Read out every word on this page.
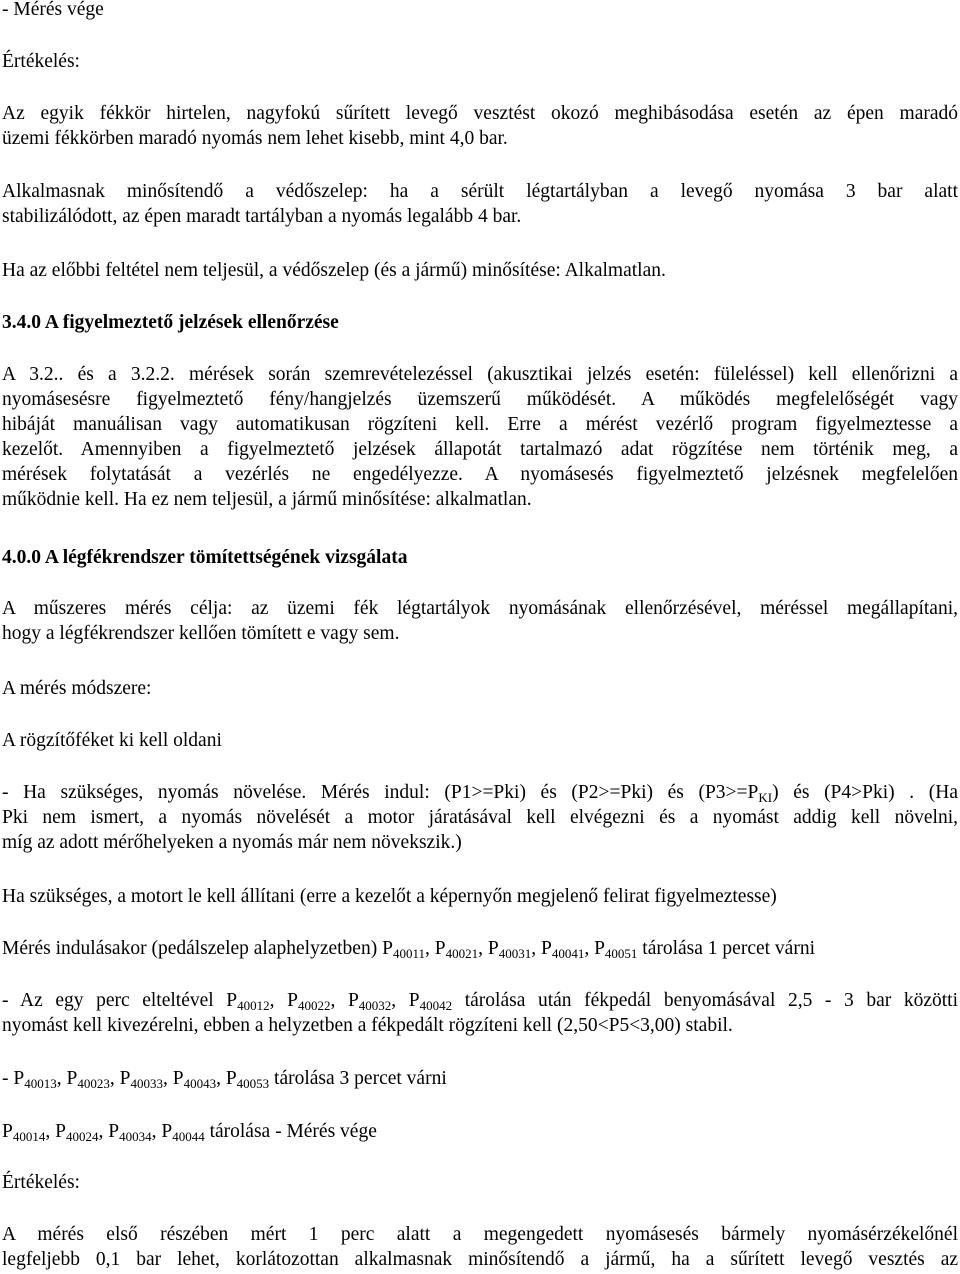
- Mérés vége

Értékelés:

Az egyik fékkör hirtelen, nagyfokú sűrített levegő vesztést okozó meghibásodása esetén az épen maradó
üzemi fékkörben maradó nyomás nem lehet kisebb, mint 4,0 bar.
Alkalmasnak minősítendő a védőszelep: ha a sérült légtartályban a levegő nyomása 3 bar alatt
stabilizálódott, az épen maradt tartályban a nyomás legalább 4 bar.

Ha az előbbi feltétel nem teljesül, a védőszelep (és a jármű) minősítése: Alkalmatlan.

3.4.0 A figyelmeztető jelzések ellenőrzése

A 3.2.. és a 3.2.2. mérések során szemrevételezéssel (akusztikai jelzés esetén: füleléssel) kell ellenőrizni a
nyomásesésre figyelmeztető fény/hangjelzés üzemszerű működését. A működés megfelelőségét vagy
hibáját manuálisan vagy automatikusan rögzíteni kell. Erre a mérést vezérlő program figyelmeztesse a
kezelőt. Amennyiben a figyelmeztető jelzések állapotát tartalmazó adat rögzítése nem történik meg, a
mérések folytatását a vezérlés ne engedélyezze. A nyomásesés figyelmeztető jelzésnek megfelelően
működnie kell. Ha ez nem teljesül, a jármű minősítése: alkalmatlan.

4.0.0 A légfékrendszer tömítettségének vizsgálata

A műszeres mérés célja: az üzemi fék légtartályok nyomásának ellenőrzésével, méréssel megállapítani,
hogy a légfékrendszer kellően tömített e vagy sem.

A mérés módszere:

A rögzítőféket ki kell oldani

- Ha szükséges, nyomás növelése. Mérés indul: (P1>=Pki) és (P2>=Pki) és $(P3>=P_{KI})$ és (P4>Pki) . (Ha
Pki nem ismert, a nyomás növelését a motor járatásával kell elvégezni és a nyomást addig kell növelni,
míg az adott mérőhelyeken a nyomás már nem növekszik.)

Ha szükséges, a motort le kell állítani (erre a kezelőt a képernyőn megjelenő felirat figyelmeztesse)

Mérés indulásakor (pedálszelep alaphelyzetben) $P_{40011}$, $P_{40021}$, $P_{40031}$, $P_{40041}$, $P_{40051}$ tárolása 1 percet várni

- Az egy perc elteltével $P_{40012}$, $P_{40022}$, $P_{40032}$, $P_{40042}$ tárolása után fékpedál benyomásával 2,5 - 3 bar közötti
nyomást kell kivezérelni, ebben a helyzetben a fékpedált rögzíteni kell (2,50<P5<3,00) stabil.

- $P_{40013}$, $P_{40023}$, $P_{40033}$, $P_{40043}$, $P_{40053}$ tárolása 3 percet várni

$P_{40014}$, $P_{40024}$, $P_{40034}$, $P_{40044}$ tárolása - Mérés vége

Értékelés:

A mérés első részében mért 1 perc alatt a megengedett nyomásesés bármely nyomásérzékelőnél
legfeljebb 0,1 bar lehet, korlátozottan alkalmasnak minősítendő a jármű, ha a sűrített levegő vesztés az
